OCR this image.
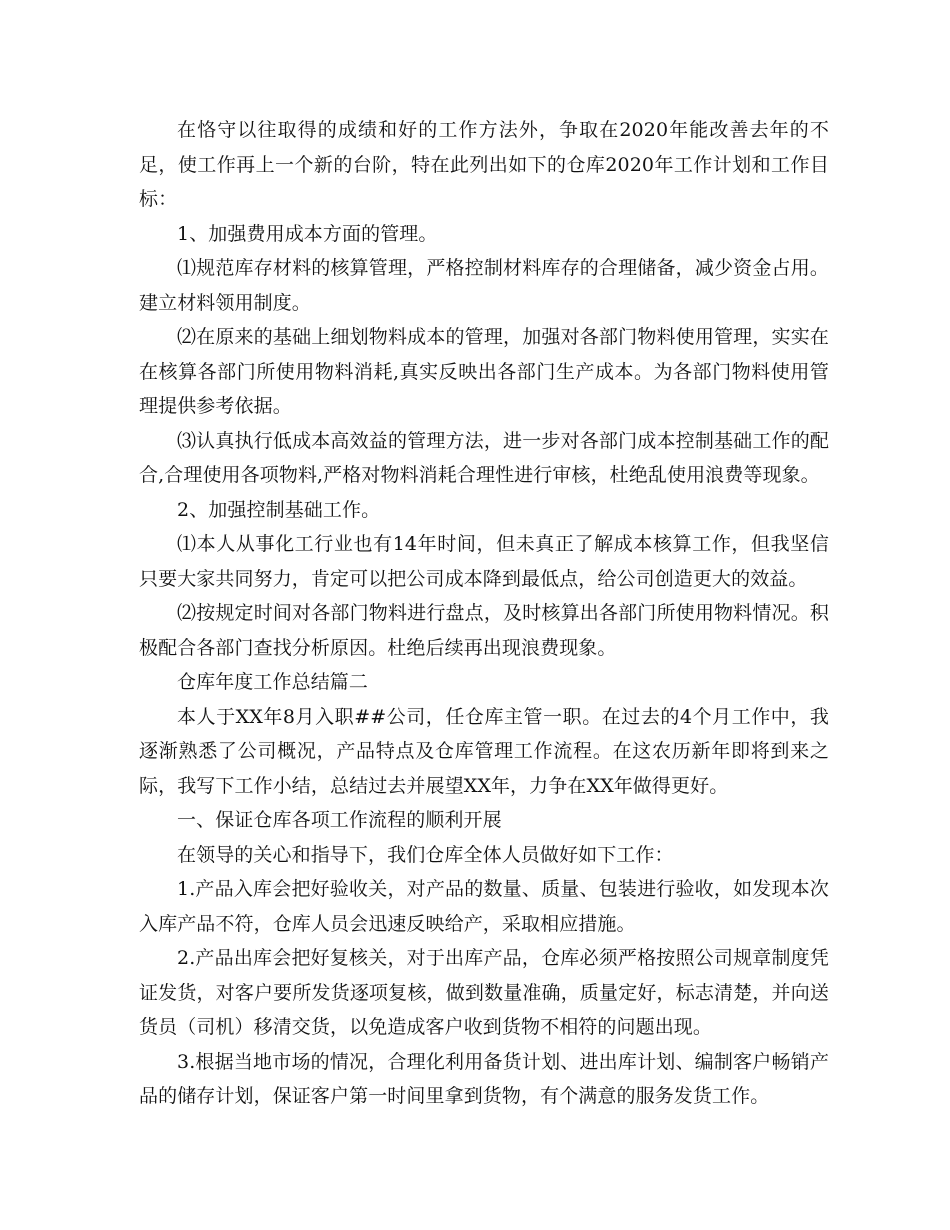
在恪守以往取得的成绩和好的工作方法外，争取在2020年能改善去年的不足，使工作再上一个新的台阶，特在此列出如下的仓库2020年工作计划和工作目标：

1、加强费用成本方面的管理。

⑴规范库存材料的核算管理，严格控制材料库存的合理储备，减少资金占用。建立材料领用制度。

⑵在原来的基础上细划物料成本的管理，加强对各部门物料使用管理，实实在在核算各部门所使用物料消耗,真实反映出各部门生产成本。为各部门物料使用管理提供参考依据。

⑶认真执行低成本高效益的管理方法，进一步对各部门成本控制基础工作的配合,合理使用各项物料,严格对物料消耗合理性进行审核，杜绝乱使用浪费等现象。

2、加强控制基础工作。

⑴本人从事化工行业也有14年时间，但未真正了解成本核算工作，但我坚信只要大家共同努力，肯定可以把公司成本降到最低点，给公司创造更大的效益。

⑵按规定时间对各部门物料进行盘点，及时核算出各部门所使用物料情况。积极配合各部门查找分析原因。杜绝后续再出现浪费现象。

仓库年度工作总结篇二

本人于XX年8月入职##公司，任仓库主管一职。在过去的4个月工作中，我逐渐熟悉了公司概况，产品特点及仓库管理工作流程。在这农历新年即将到来之际，我写下工作小结，总结过去并展望XX年，力争在XX年做得更好。

一、保证仓库各项工作流程的顺利开展

在领导的关心和指导下，我们仓库全体人员做好如下工作：

1.产品入库会把好验收关，对产品的数量、质量、包装进行验收，如发现本次入库产品不符，仓库人员会迅速反映给产，采取相应措施。

2.产品出库会把好复核关，对于出库产品，仓库必须严格按照公司规章制度凭证发货，对客户要所发货逐项复核，做到数量准确，质量定好，标志清楚，并向送货员（司机）移清交货，以免造成客户收到货物不相符的问题出现。

3.根据当地市场的情况，合理化利用备货计划、进出库计划、编制客户畅销产品的储存计划，保证客户第一时间里拿到货物，有个满意的服务发货工作。
